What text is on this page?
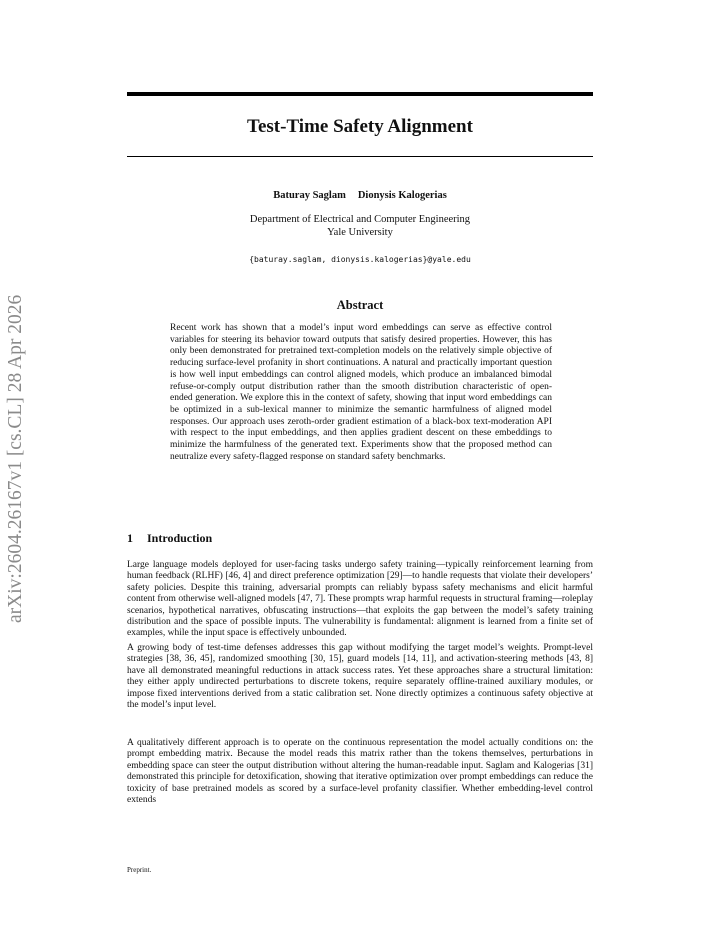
Test-Time Safety Alignment
Baturay Saglam Dionysis Kalogerias
Department of Electrical and Computer Engineering
Yale University
{baturay.saglam, dionysis.kalogerias}@yale.edu
arXiv:2604.26167v1 [cs.CL] 28 Apr 2026	Abstract
Recent work has shown that a model’s input word embeddings can serve as effective control variables for steering its behavior toward outputs that satisfy desired properties. However, this has only been demonstrated for pretrained text-completion models on the relatively simple objective of reducing surface-level profanity in short continuations. A natural and practically important question is how well input embeddings can control aligned models, which produce an imbalanced bimodal refuse-or-comply output distribution rather than the smooth distribution characteristic of open-ended generation. We explore this in the context of safety, showing that input word embeddings can be optimized in a sub-lexical manner to minimize the semantic harmfulness of aligned model responses. Our approach uses zeroth-order gradient estimation of a black-box text-moderation API with respect to the input embeddings, and then applies gradient descent on these embeddings to minimize the harmfulness of the generated text. Experiments show that the proposed method can neutralize every safety-flagged response on standard safety benchmarks.
1 Introduction

Large language models deployed for user-facing tasks undergo safety training—typically reinforcement learning from human feedback (RLHF) [46, 4] and direct preference optimization [29]—to handle requests that violate their developers’ safety policies. Despite this training, adversarial prompts can reliably bypass safety mechanisms and elicit harmful content from otherwise well-aligned models [47, 7]. These prompts wrap harmful requests in structural framing—roleplay scenarios, hypothetical narratives, obfuscating instructions—that exploits the gap between the model’s safety training distribution and the space of possible inputs. The vulnerability is fundamental: alignment is learned from a finite set of examples, while the input space is effectively unbounded.

A growing body of test-time defenses addresses this gap without modifying the target model’s weights. Prompt-level strategies [38, 36, 45], randomized smoothing [30, 15], guard models [14, 11], and activation-steering methods [43, 8] have all demonstrated meaningful reductions in attack success rates. Yet these approaches share a structural limitation: they either apply undirected perturbations to discrete tokens, require separately offline-trained auxiliary modules, or impose fixed interventions derived from a static calibration set. None directly optimizes a continuous safety objective at the model’s input level.

A qualitatively different approach is to operate on the continuous representation the model actually conditions on: the prompt embedding matrix. Because the model reads this matrix rather than the tokens themselves, perturbations in embedding space can steer the output distribution without altering the human-readable input. Saglam and Kalogerias [31] demonstrated this principle for detoxification, showing that iterative optimization over prompt embeddings can reduce the toxicity of base pretrained models as scored by a surface-level profanity classifier. Whether embedding-level control extends

Preprint.
